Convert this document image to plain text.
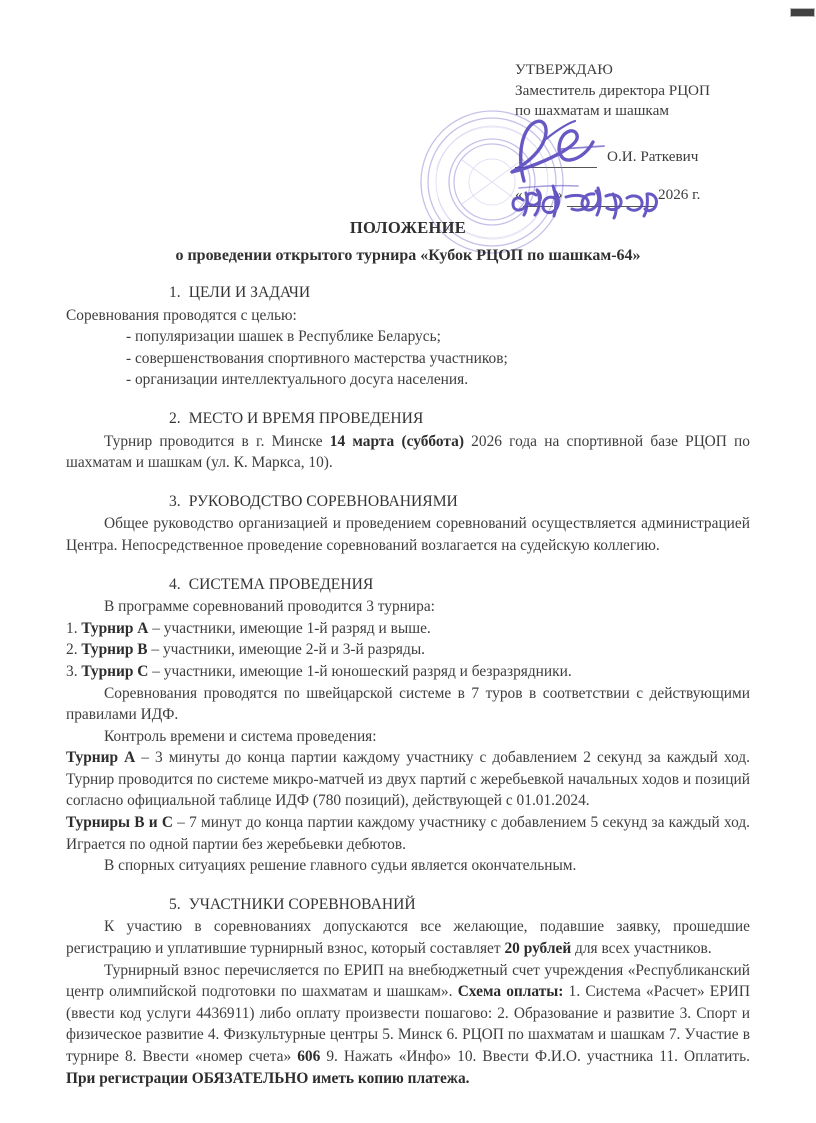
УТВЕРЖДАЮ
Заместитель директора РЦОП
по шахматам и шашкам
О.И. Раткевич
« »	2026 г.
ПОЛОЖЕНИЕ
о проведении открытого турнира «Кубок РЦОП по шашкам-64»
1. ЦЕЛИ И ЗАДАЧИ

Соревнования проводятся с целью:

- популяризации шашек в Республике Беларусь;

- совершенствования спортивного мастерства участников;

- организации интеллектуального досуга населения.

2. МЕСТО И ВРЕМЯ ПРОВЕДЕНИЯ

Турнир проводится в г. Минске 14 марта (суббота) 2026 года на спортивной базе РЦОП по шахматам и шашкам (ул. К. Маркса, 10).

3. РУКОВОДСТВО СОРЕВНОВАНИЯМИ

Общее руководство организацией и проведением соревнований осуществляется администрацией Центра. Непосредственное проведение соревнований возлагается на судейскую коллегию.

4. СИСТЕМА ПРОВЕДЕНИЯ

В программе соревнований проводится 3 турнира:

1. Турнир А – участники, имеющие 1-й разряд и выше.

2. Турнир В – участники, имеющие 2-й и 3-й разряды.

3. Турнир С – участники, имеющие 1-й юношеский разряд и безразрядники.

Соревнования проводятся по швейцарской системе в 7 туров в соответствии с действующими правилами ИДФ.

Контроль времени и система проведения:

Турнир А – 3 минуты до конца партии каждому участнику с добавлением 2 секунд за каждый ход. Турнир проводится по системе микро-матчей из двух партий с жеребьевкой начальных ходов и позиций согласно официальной таблице ИДФ (780 позиций), действующей с 01.01.2024.

Турниры В и С – 7 минут до конца партии каждому участнику с добавлением 5 секунд за каждый ход. Играется по одной партии без жеребьевки дебютов.

В спорных ситуациях решение главного судьи является окончательным.

5. УЧАСТНИКИ СОРЕВНОВАНИЙ

К участию в соревнованиях допускаются все желающие, подавшие заявку, прошедшие регистрацию и уплатившие турнирный взнос, который составляет 20 рублей для всех участников.

Турнирный взнос перечисляется по ЕРИП на внебюджетный счет учреждения «Республиканский центр олимпийской подготовки по шахматам и шашкам». Схема оплаты: 1. Система «Расчет» ЕРИП (ввести код услуги 4436911) либо оплату произвести пошагово: 2. Образование и развитие 3. Спорт и физическое развитие 4. Физкультурные центры 5. Минск 6. РЦОП по шахматам и шашкам 7. Участие в турнире 8. Ввести «номер счета» 606 9. Нажать «Инфо» 10. Ввести Ф.И.О. участника 11. Оплатить. При регистрации ОБЯЗАТЕЛЬНО иметь копию платежа.
